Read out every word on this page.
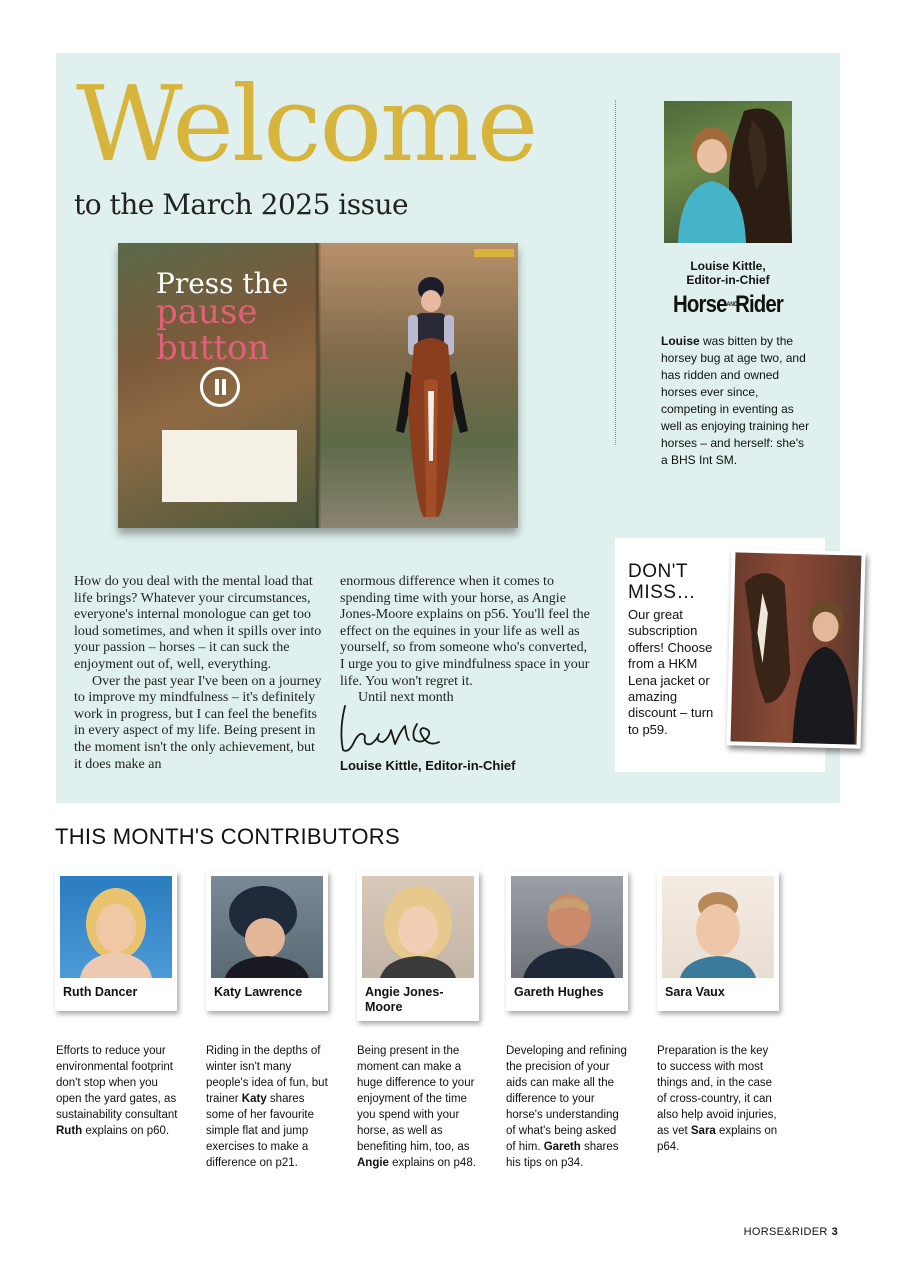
Welcome
to the March 2025 issue
Press the
pause
button
Louise Kittle,
Editor-in-Chief
HorseANDRider
Louise was bitten by the horsey bug at age two, and has ridden and owned horses ever since, competing in eventing as well as enjoying training her horses – and herself: she's a BHS Int SM.

How do you deal with the mental load that life brings? Whatever your circumstances, everyone's internal monologue can get too loud sometimes, and when it spills over into your passion – horses – it can suck the enjoyment out of, well, everything.

Over the past year I've been on a journey to improve my mindfulness – it's definitely work in progress, but I can feel the benefits in every aspect of my life. Being present in the moment isn't the only achievement, but it does make an

enormous difference when it comes to spending time with your horse, as Angie Jones-Moore explains on p56. You'll feel the effect on the equines in your life as well as yourself, so from someone who's converted, I urge you to give mindfulness space in your life. You won't regret it.

Until next month

Louise Kittle, Editor-in-Chief
DON'T
MISS…
Our great subscription offers! Choose from a HKM Lena jacket or amazing discount – turn to p59.
THIS MONTH'S CONTRIBUTORS
Ruth Dancer
Efforts to reduce your environmental footprint don't stop when you open the yard gates, as sustainability consultant Ruth explains on p60.
Katy Lawrence
Riding in the depths of winter isn't many people's idea of fun, but trainer Katy shares some of her favourite simple flat and jump exercises to make a difference on p21.
Angie Jones-Moore
Being present in the moment can make a huge difference to your enjoyment of the time you spend with your horse, as well as benefiting him, too, as Angie explains on p48.
Gareth Hughes
Developing and refining the precision of your aids can make all the difference to your horse's understanding of what's being asked of him. Gareth shares his tips on p34.
Sara Vaux
Preparation is the key to success with most things and, in the case of cross-country, it can also help avoid injuries, as vet Sara explains on p64.
HORSE&RIDER 3
